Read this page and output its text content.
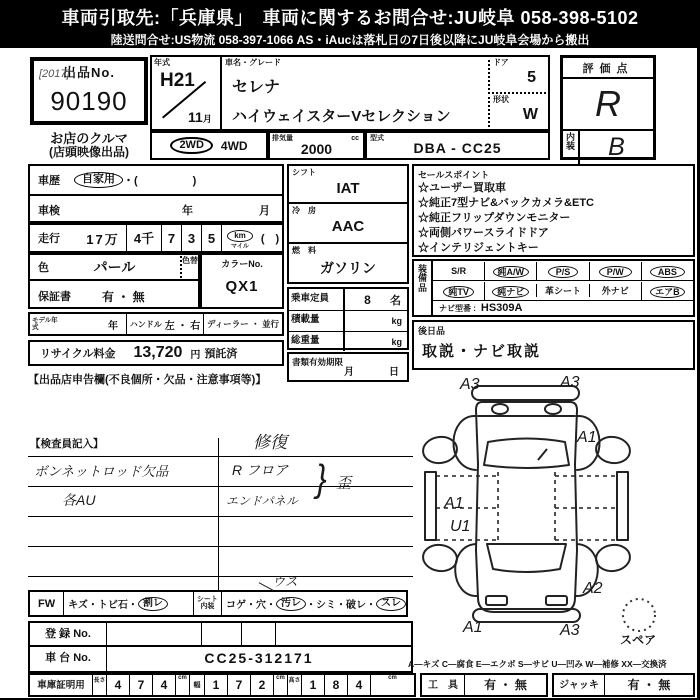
車両引取先:「兵庫県」　車両に関するお問合せ:JU岐阜 058-398-5102
陸送問合せ:US物流 058-397-1066 AS・iAucは落札日の7日後以降にJU岐阜会場から搬出
出品No.
[2017]
90190
お店のクルマ
(店頭映像出品)
年式
H21
11月
車名・グレード
セレナ
ハイウェイスターVセレクション
ドア
5
形状
W
2WD	4WD	排気量	cc
2000
型式
DBA - CC25
評価点
R
内装	B
車歴	自家用 ・(　　　　　)
車検	年	月
走行	17万	4千	7 3 5	km
マイル
(　)
色	パール	色替
保証書	有 ・ 無
カラーNo.
QX1
シフト
IAT
冷　房
AAC
燃　料
ガソリン
乗車定員	8	名
積載量	kg
総重量	kg
書類有効期限
月	日
セールスポイント
☆ユーザー買取車
☆純正7型ナビ&バックカメラ&ETC
☆純正フリップダウンモニター
☆両側パワースライドドア
☆インテリジェントキー
装備品
S/R	純A/W	P/S	P/W	ABS
純TV	純ナビ	革シート	外ナビ	エアB
ナビ型番 : HS309A
後日品
取説・ナビ取説
モデル年式	年 ハンドル 左 ・ 右 ディーラー ・ 並行
リサイクル料金 13,720 円 預託済
【出品店申告欄(不良個所・欠品・注意事項等)】
【検査員記入】	修復
ボンネットロッド欠品	R フロア
各AU	エンドパネル
} 歪
FW	キズ・トビ石・ 割レ	シート内装	コゲ・穴・ 汚レ ・シミ・破レ・ スレ
ウス
登 録 No.
車 台 No.	CC25-312171
車庫証明用	長さ 4	7	4	cm
幅	1	7	2	cm 高さ 1	8	4	cm
A―キズ C―腐食 E―エクボ S―サビ U―凹み W―補修 XX―交換済
工　具	有 ・ 無	ジャッキ	有 ・ 無
A3	A3
A1
A1
U1
A2
A1	A3
スペア
